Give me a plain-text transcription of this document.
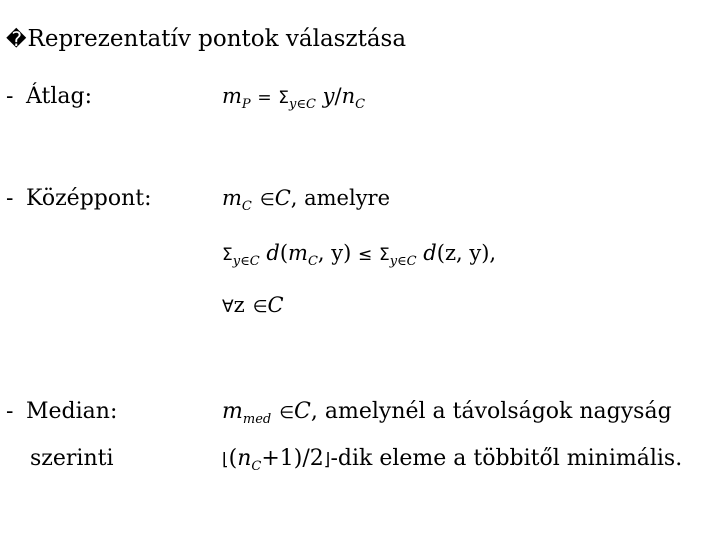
�Reprezentatív pontok választása
- Átlag:	$m_P = \Sigma_{y\in C}$ $y/n_C$
- Középpont:	$m_C$ ∈C, amelyre
$\Sigma_{y\in C}$ $d(m_C$, $y) \le \Sigma_{y\in C}$ d(z, y),
∀z ∈C
- Median:	$m_{med}$ ∈C, amelynél a távolságok nagyság
szerinti	$⌊(n_C+1)/2⌋$-dik eleme a többitől minimális.
